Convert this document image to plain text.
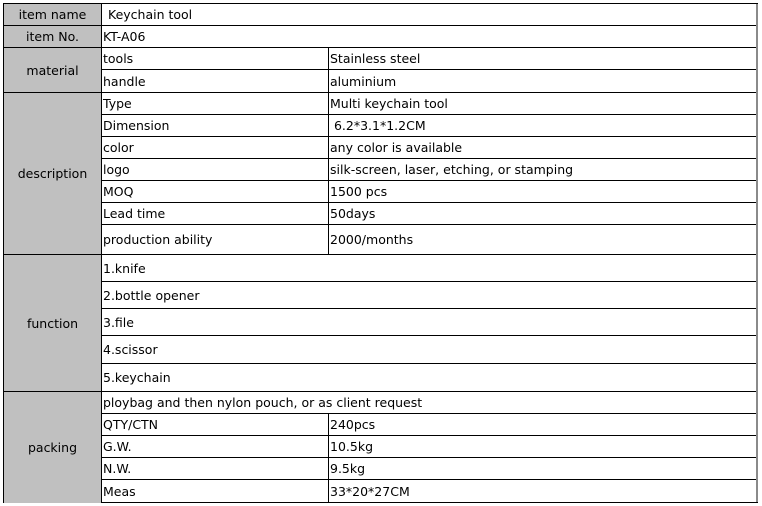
item name	Keychain tool
item No.	KT-A06
material
tools	Stainless steel
handle	aluminium
description
Type	Multi keychain tool
Dimension	6.2*3.1*1.2CM
color	any color is available
logo	silk-screen, laser, etching, or stamping
MOQ	1500 pcs
Lead time	50days
production ability	2000/months
function
1.knife
2.bottle opener
3.file
4.scissor
5.keychain
packing
ploybag and then nylon pouch, or as client request
QTY/CTN	240pcs
G.W.	10.5kg
N.W.	9.5kg
Meas	33*20*27CM
